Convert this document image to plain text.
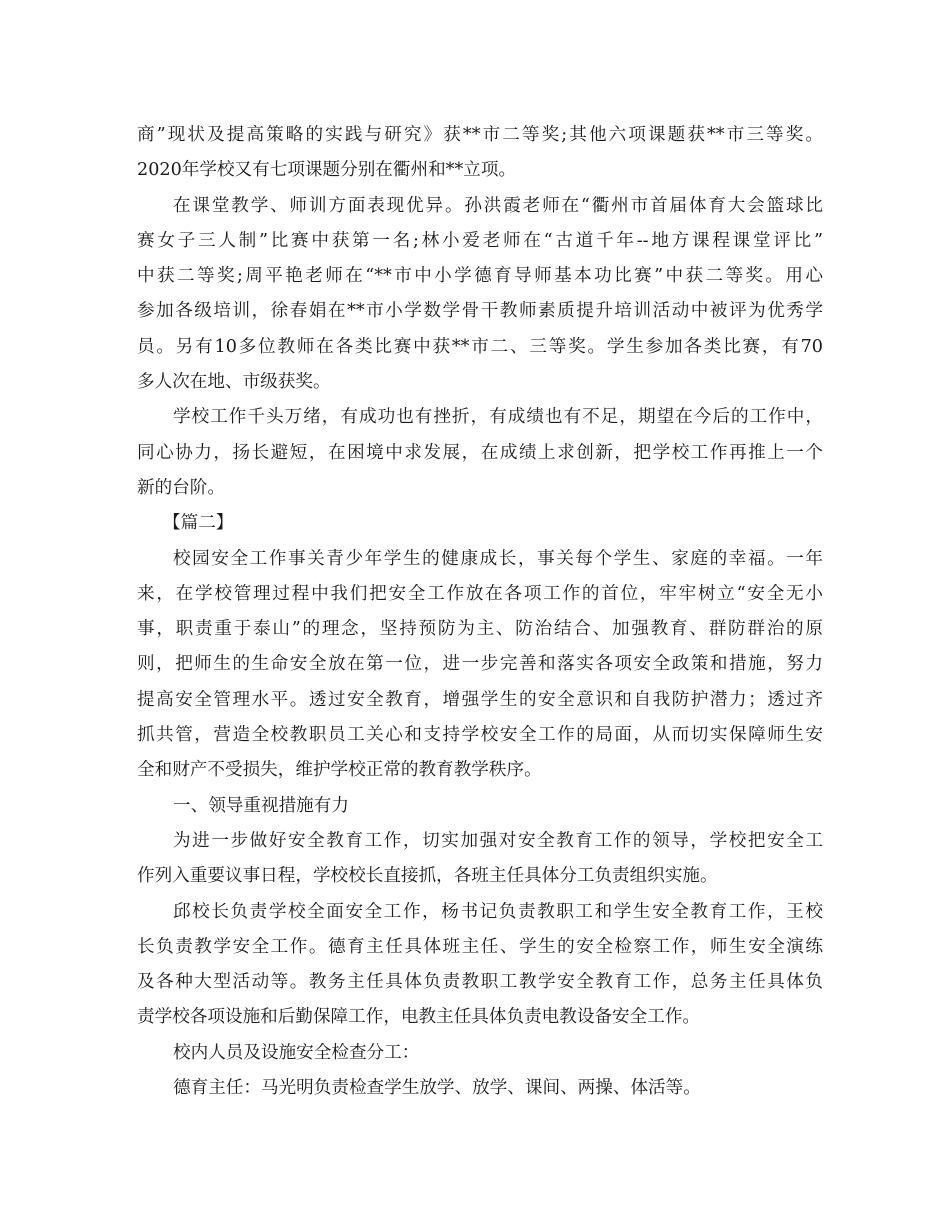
商”现状及提高策略的实践与研究》获**市二等奖;其他六项课题获**市三等奖。
2020年学校又有七项课题分别在衢州和**立项。
在课堂教学、师训方面表现优异。孙洪霞老师在“衢州市首届体育大会篮球比
赛女子三人制”比赛中获第一名;林小爱老师在“古道千年--地方课程课堂评比”
中获二等奖;周平艳老师在“**市中小学德育导师基本功比赛”中获二等奖。用心
参加各级培训，徐春娟在**市小学数学骨干教师素质提升培训活动中被评为优秀学
员。另有10多位教师在各类比赛中获**市二、三等奖。学生参加各类比赛，有70
多人次在地、市级获奖。
学校工作千头万绪，有成功也有挫折，有成绩也有不足，期望在今后的工作中，
同心协力，扬长避短，在困境中求发展，在成绩上求创新，把学校工作再推上一个
新的台阶。
【篇二】
校园安全工作事关青少年学生的健康成长，事关每个学生、家庭的幸福。一年
来，在学校管理过程中我们把安全工作放在各项工作的首位，牢牢树立“安全无小
事，职责重于泰山”的理念，坚持预防为主、防治结合、加强教育、群防群治的原
则，把师生的生命安全放在第一位，进一步完善和落实各项安全政策和措施，努力
提高安全管理水平。透过安全教育，增强学生的安全意识和自我防护潜力；透过齐
抓共管，营造全校教职员工关心和支持学校安全工作的局面，从而切实保障师生安
全和财产不受损失，维护学校正常的教育教学秩序。
一、领导重视措施有力
为进一步做好安全教育工作，切实加强对安全教育工作的领导，学校把安全工
作列入重要议事日程，学校校长直接抓，各班主任具体分工负责组织实施。
邱校长负责学校全面安全工作，杨书记负责教职工和学生安全教育工作，王校
长负责教学安全工作。德育主任具体班主任、学生的安全检察工作，师生安全演练
及各种大型活动等。教务主任具体负责教职工教学安全教育工作，总务主任具体负
责学校各项设施和后勤保障工作，电教主任具体负责电教设备安全工作。
校内人员及设施安全检查分工：
德育主任：马光明负责检查学生放学、放学、课间、两操、体活等。
